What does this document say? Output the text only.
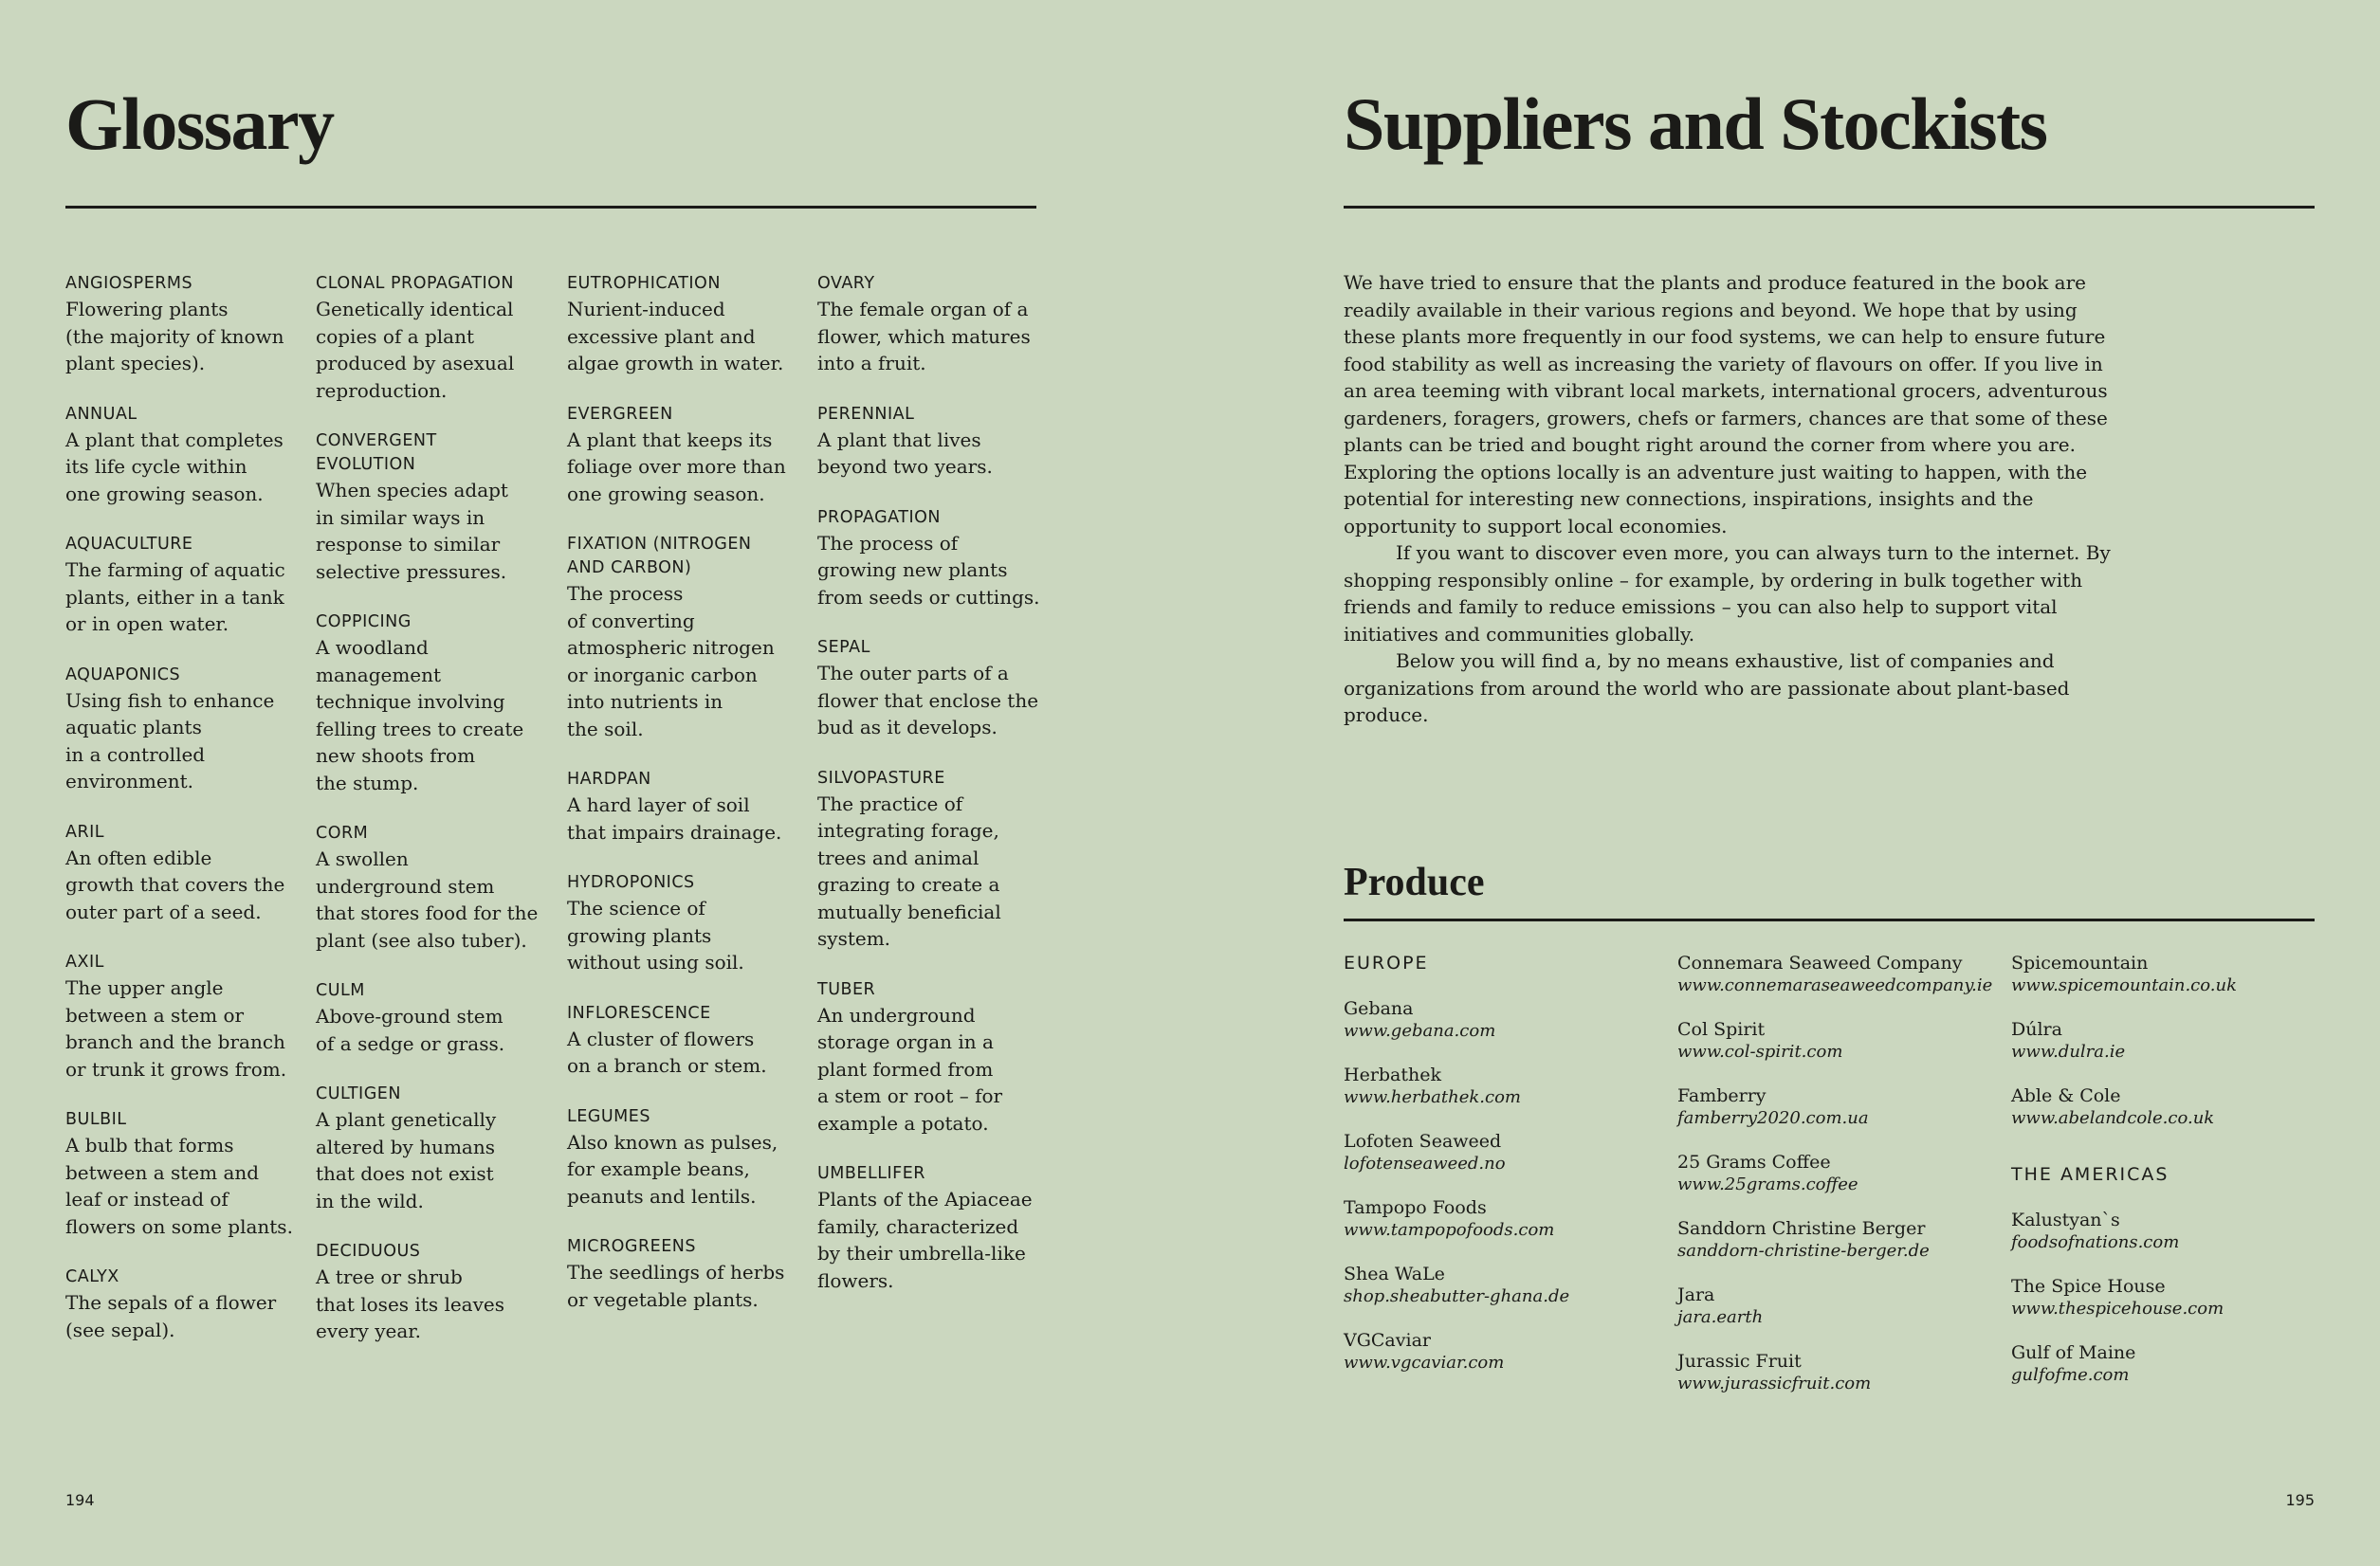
Glossary
ANGIOSPERMS
Flowering plants
(the majority of known
plant species).
ANNUAL
A plant that completes
its life cycle within
one growing season.
AQUACULTURE
The farming of aquatic
plants, either in a tank
or in open water.
AQUAPONICS
Using fish to enhance
aquatic plants
in a controlled
environment.
ARIL
An often edible
growth that covers the
outer part of a seed.
AXIL
The upper angle
between a stem or
branch and the branch
or trunk it grows from.
BULBIL
A bulb that forms
between a stem and
leaf or instead of
flowers on some plants.
CALYX
The sepals of a flower
(see sepal).
CLONAL PROPAGATION
Genetically identical
copies of a plant
produced by asexual
reproduction.
CONVERGENT
EVOLUTION
When species adapt
in similar ways in
response to similar
selective pressures.
COPPICING
A woodland
management
technique involving
felling trees to create
new shoots from
the stump.
CORM
A swollen
underground stem
that stores food for the
plant (see also tuber).
CULM
Above-ground stem
of a sedge or grass.
CULTIGEN
A plant genetically
altered by humans
that does not exist
in the wild.
DECIDUOUS
A tree or shrub
that loses its leaves
every year.
EUTROPHICATION
Nurient-induced
excessive plant and
algae growth in water.
EVERGREEN
A plant that keeps its
foliage over more than
one growing season.
FIXATION (NITROGEN
AND CARBON)
The process
of converting
atmospheric nitrogen
or inorganic carbon
into nutrients in
the soil.
HARDPAN
A hard layer of soil
that impairs drainage.
HYDROPONICS
The science of
growing plants
without using soil.
INFLORESCENCE
A cluster of flowers
on a branch or stem.
LEGUMES
Also known as pulses,
for example beans,
peanuts and lentils.
MICROGREENS
The seedlings of herbs
or vegetable plants.
OVARY
The female organ of a
flower, which matures
into a fruit.
PERENNIAL
A plant that lives
beyond two years.
PROPAGATION
The process of
growing new plants
from seeds or cuttings.
SEPAL
The outer parts of a
flower that enclose the
bud as it develops.
SILVOPASTURE
The practice of
integrating forage,
trees and animal
grazing to create a
mutually beneficial
system.
TUBER
An underground
storage organ in a
plant formed from
a stem or root – for
example a potato.
UMBELLIFER
Plants of the Apiaceae
family, characterized
by their umbrella-like
flowers.

194

Suppliers and Stockists

We have tried to ensure that the plants and produce featured in the book are readily available in their various regions and beyond. We hope that by using these plants more frequently in our food systems, we can help to ensure future food stability as well as increasing the variety of flavours on offer. If you live in an area teeming with vibrant local markets, international grocers, adventurous gardeners, foragers, growers, chefs or farmers, chances are that some of these plants can be tried and bought right around the corner from where you are. Exploring the options locally is an adventure just waiting to happen, with the potential for interesting new connections, inspirations, insights and the opportunity to support local economies.

If you want to discover even more, you can always turn to the internet. By shopping responsibly online – for example, by ordering in bulk together with friends and family to reduce emissions – you can also help to support vital initiatives and communities globally.

Below you will find a, by no means exhaustive, list of companies and organizations from around the world who are passionate about plant-based produce.

Produce
EUROPE
Gebana
www.gebana.com
Herbathek
www.herbathek.com
Lofoten Seaweed
lofotenseaweed.no
Tampopo Foods
www.tampopofoods.com
Shea WaLe
shop.sheabutter-ghana.de
VGCaviar
www.vgcaviar.com
Connemara Seaweed Company
www.connemaraseaweedcompany.ie
Col Spirit
www.col-spirit.com
Famberry
famberry2020.com.ua
25 Grams Coffee
www.25grams.coffee
Sanddorn Christine Berger
sanddorn-christine-berger.de
Jara
jara.earth
Jurassic Fruit
www.jurassicfruit.com
Spicemountain
www.spicemountain.co.uk
Dúlra
www.dulra.ie
Able & Cole
www.abelandcole.co.uk
THE AMERICAS
Kalustyan`s
foodsofnations.com
The Spice House
www.thespicehouse.com
Gulf of Maine
gulfofme.com

195
